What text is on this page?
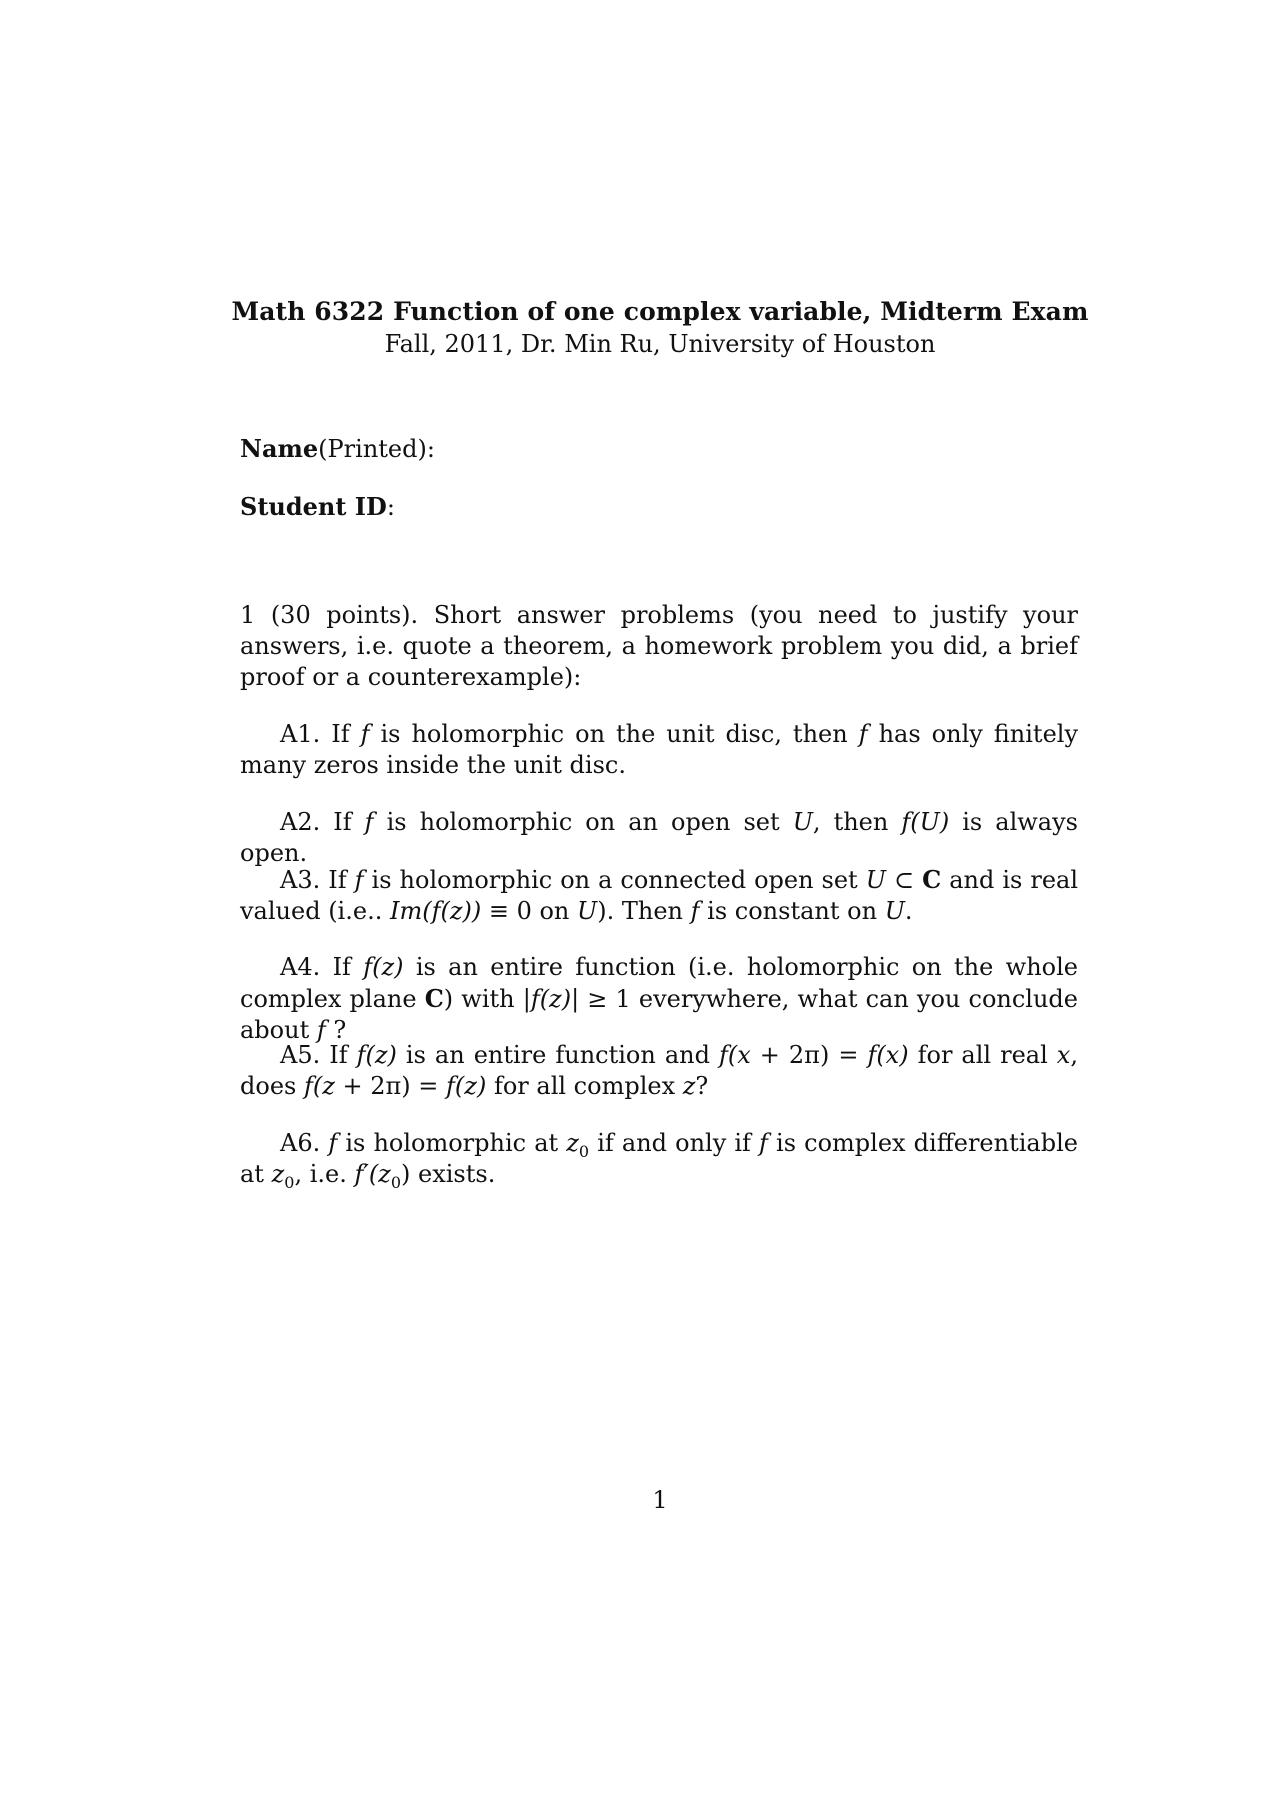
Math 6322 Function of one complex variable, Midterm Exam
Fall, 2011, Dr. Min Ru, University of Houston
Name(Printed):
Student ID:
1 (30 points). Short answer problems (you need to justify your answers, i.e. quote a theorem, a homework problem you did, a brief proof or a counterexample):
A1. If f is holomorphic on the unit disc, then f has only finitely many zeros inside the unit disc.
A2. If f is holomorphic on an open set U, then f(U) is always open.
A3. If f is holomorphic on a connected open set U ⊂ C and is real valued (i.e.. Im(f(z)) ≡ 0 on U). Then f is constant on U.
A4. If f(z) is an entire function (i.e. holomorphic on the whole complex plane C) with |f(z)| ≥ 1 everywhere, what can you conclude about f ?
A5. If f(z) is an entire function and f(x + 2π) = f(x) for all real x, does f(z + 2π) = f(z) for all complex z?
A6. f is holomorphic at $z_0$ if and only if f is complex differentiable at $z_0$, i.e. $f'(z_0)$ exists.
1
